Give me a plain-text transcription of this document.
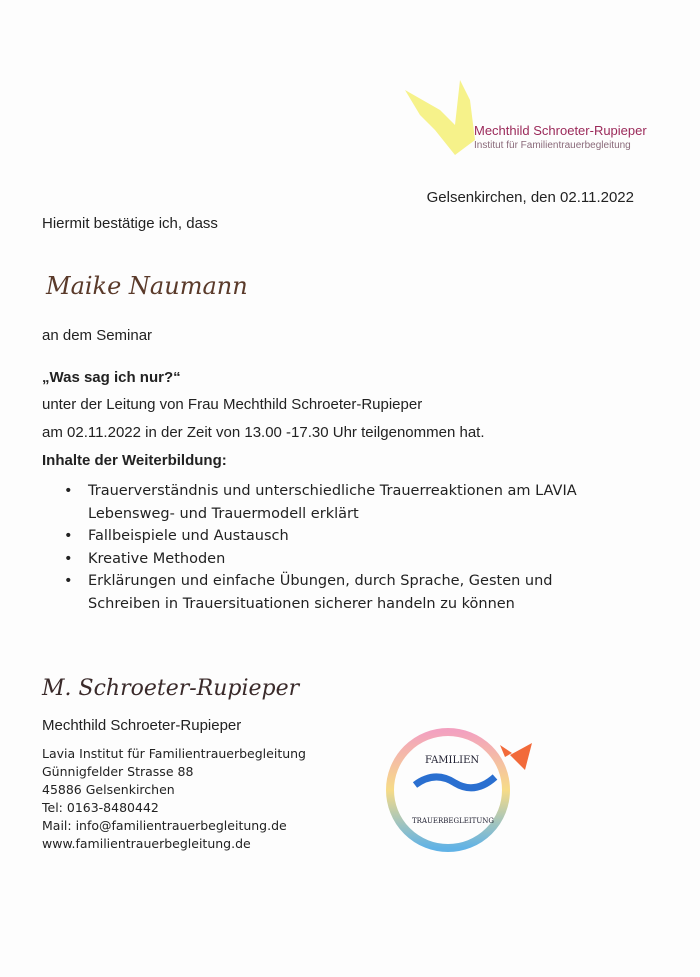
Mechthild Schroeter-Rupieper
Institut für Familientrauerbegleitung
Gelsenkirchen, den 02.11.2022
Hiermit bestätige ich, dass
Maike Naumann
an dem Seminar
„Was sag ich nur?“
unter der Leitung von Frau Mechthild Schroeter-Rupieper
am 02.11.2022 in der Zeit von 13.00 -17.30 Uhr teilgenommen hat.
Inhalte der Weiterbildung:
• Trauerverständnis und unterschiedliche Trauerreaktionen am LAVIA
Lebensweg- und Trauermodell erklärt
• Fallbeispiele und Austausch
• Kreative Methoden
• Erklärungen und einfache Übungen, durch Sprache, Gesten und
Schreiben in Trauersituationen sicherer handeln zu können
M. Schroeter-Rupieper
Mechthild Schroeter-Rupieper
Lavia Institut für Familientrauerbegleitung
Günnigfelder Strasse 88
45886 Gelsenkirchen
Tel: 0163-8480442
Mail: info@familientrauerbegleitung.de
www.familientrauerbegleitung.de
FAMILIEN
TRAUERBEGLEITUNG
